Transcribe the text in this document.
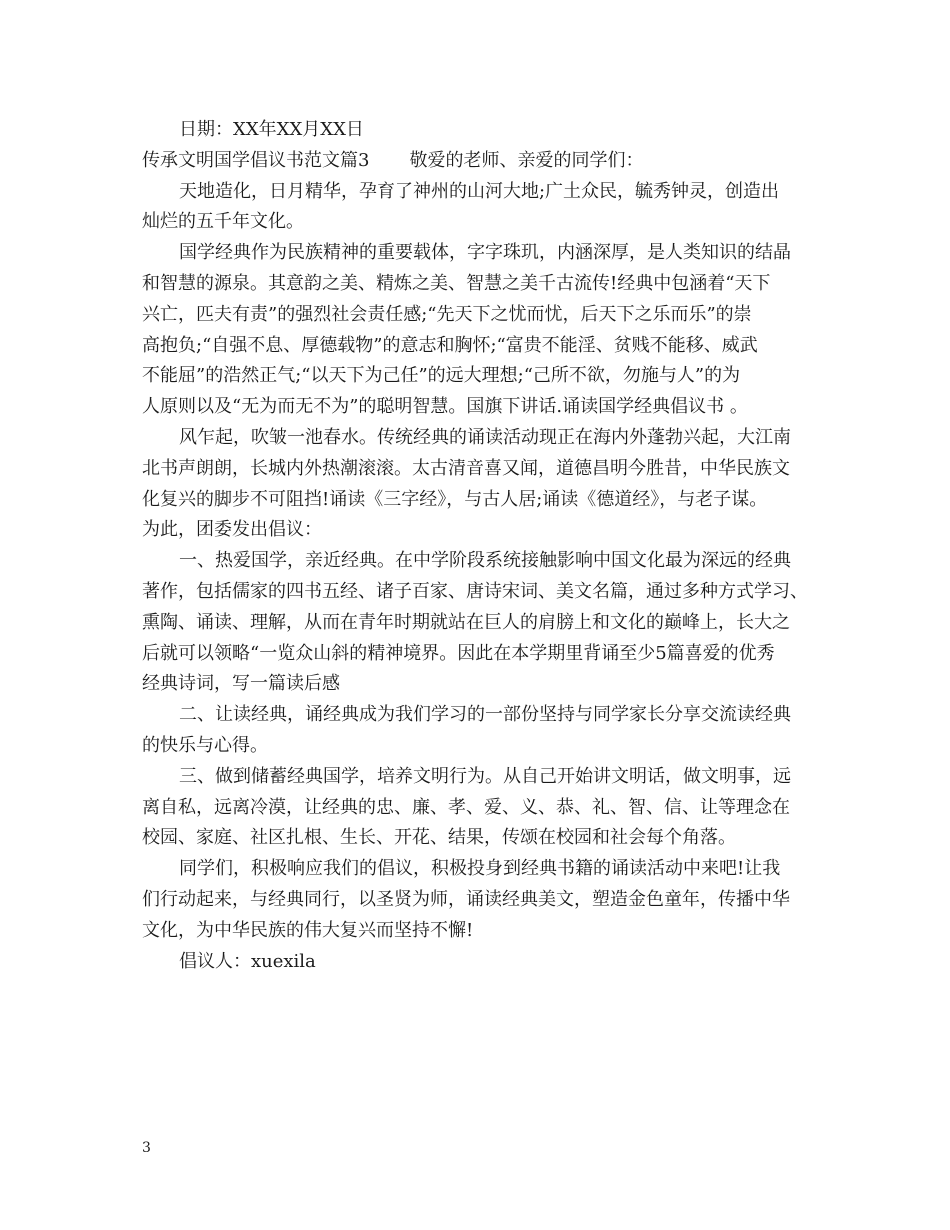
日期：XX年XX月XX日
传承文明国学倡议书范文篇3 敬爱的老师、亲爱的同学们：
天地造化，日月精华，孕育了神州的山河大地;广土众民，毓秀钟灵，创造出
灿烂的五千年文化。
国学经典作为民族精神的重要载体，字字珠玑，内涵深厚，是人类知识的结晶
和智慧的源泉。其意韵之美、精炼之美、智慧之美千古流传!经典中包涵着“天下
兴亡，匹夫有责”的强烈社会责任感;“先天下之忧而忧，后天下之乐而乐”的崇
高抱负;“自强不息、厚德载物”的意志和胸怀;“富贵不能淫、贫贱不能移、威武
不能屈”的浩然正气;“以天下为己任”的远大理想;“己所不欲，勿施与人”的为
人原则以及“无为而无不为”的聪明智慧。国旗下讲话.诵读国学经典倡议书 。
风乍起，吹皱一池春水。传统经典的诵读活动现正在海内外蓬勃兴起，大江南
北书声朗朗，长城内外热潮滚滚。太古清音喜又闻，道德昌明今胜昔，中华民族文
化复兴的脚步不可阻挡!诵读《三字经》，与古人居;诵读《德道经》，与老子谋。
为此，团委发出倡议：
一、热爱国学，亲近经典。在中学阶段系统接触影响中国文化最为深远的经典
著作，包括儒家的四书五经、诸子百家、唐诗宋词、美文名篇，通过多种方式学习、
熏陶、诵读、理解，从而在青年时期就站在巨人的肩膀上和文化的巅峰上，长大之
后就可以领略“一览众山斜的精神境界。因此在本学期里背诵至少5篇喜爱的优秀
经典诗词，写一篇读后感
二、让读经典，诵经典成为我们学习的一部份坚持与同学家长分享交流读经典
的快乐与心得。
三、做到储蓄经典国学，培养文明行为。从自己开始讲文明话，做文明事，远
离自私，远离冷漠，让经典的忠、廉、孝、爱、义、恭、礼、智、信、让等理念在
校园、家庭、社区扎根、生长、开花、结果，传颂在校园和社会每个角落。
同学们，积极响应我们的倡议，积极投身到经典书籍的诵读活动中来吧!让我
们行动起来，与经典同行，以圣贤为师，诵读经典美文，塑造金色童年，传播中华
文化，为中华民族的伟大复兴而坚持不懈!
倡议人：xuexila
3
